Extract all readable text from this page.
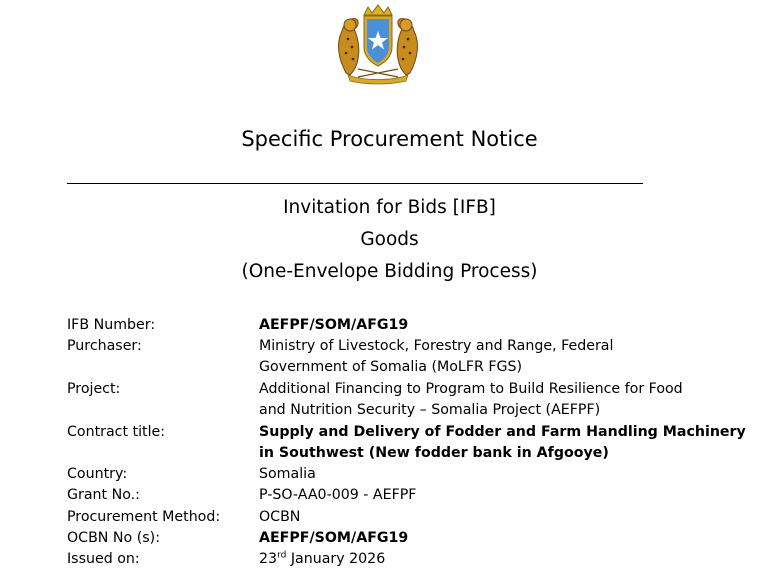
Specific Procurement Notice
Invitation for Bids [IFB]
Goods
(One-Envelope Bidding Process)
IFB Number:	AEFPF/SOM/AFG19
Purchaser:	Ministry of Livestock, Forestry and Range, Federal
Government of Somalia (MoLFR FGS)
Project:	Additional Financing to Program to Build Resilience for Food
and Nutrition Security – Somalia Project (AEFPF)
Contract title:	Supply and Delivery of Fodder and Farm Handling Machinery
in Southwest (New fodder bank in Afgooye)
Country:	Somalia
Grant No.:	P-SO-AA0-009 - AEFPF
Procurement Method:	OCBN
OCBN No (s):	AEFPF/SOM/AFG19
Issued on:	23rd January 2026
